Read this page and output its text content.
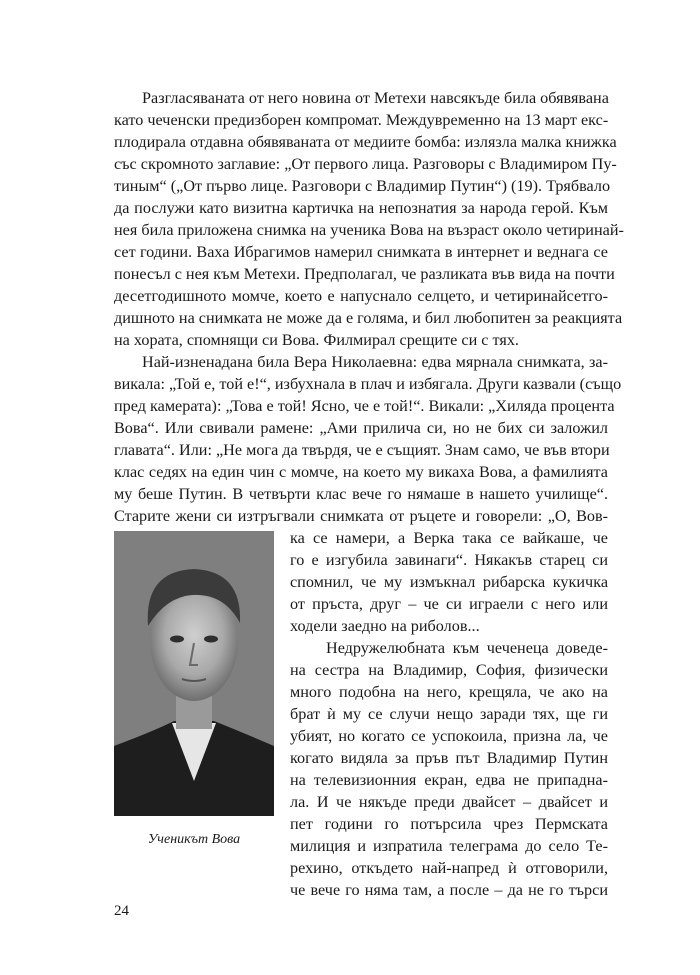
Разгласяваната от него новина от Метехи навсякъде била обявявана
като чеченски предизборен компромат. Междувременно на 13 март екс-
плодирала отдавна обявяваната от медиите бомба: излязла малка книжка
със скромното заглавие: „От первого лица. Разговоры с Владимиром Пу-
тиным“ („От първо лице. Разговори с Владимир Путин“) (19). Трябвало
да послужи като визитна картичка на непознатия за народа герой. Към
нея била приложена снимка на ученика Вова на възраст около четиринай-
сет години. Ваха Ибрагимов намерил снимката в интернет и веднага се
понесъл с нея към Метехи. Предполагал, че разликата във вида на почти
десетгодишното момче, което е напуснало селцето, и четиринайсетго-
дишното на снимката не може да е голяма, и бил любопитен за реакцията
на хората, спомнящи си Вова. Филмирал срещите си с тях.
Най-изненадана била Вера Николаевна: едва мярнала снимката, за-
викала: „Той е, той е!“, избухнала в плач и избягала. Други казвали (също
пред камерата): „Това е той! Ясно, че е той!“. Викали: „Хиляда процента
Вова“. Или свивали рамене: „Ами прилича си, но не бих си заложил
главата“. Или: „Не мога да твърдя, че е същият. Знам само, че във втори
клас седях на един чин с момче, на което му викаха Вова, а фамилията
му беше Путин. В четвърти клас вече го нямаше в нашето училище“.
Старите жени си изтръгвали снимката от ръцете и говорели: „О, Вов-
ка се намери, а Верка така се вайкаше, че
го е изгубила завинаги“. Някакъв старец си
спомнил, че му измъкнал рибарска кукичка
от пръста, друг – че си играели с него или
ходели заедно на риболов...
Недружелюбната към чеченеца доведе-
на сестра на Владимир, София, физически
много подобна на него, крещяла, че ако на
брат ѝ му се случи нещо заради тях, ще ги
убият, но когато се успокоила, призна ла, че
когато видяла за пръв път Владимир Путин
на телевизионния екран, едва не припадна-
ла. И че някъде преди двайсет – двайсет и
пет години го потърсила чрез Пермската
милиция и изпратила телеграма до село Те-
рехино, откъдето най-напред ѝ отговорили,
че вече го няма там, а после – да не го търси
Ученикът Вова
24
